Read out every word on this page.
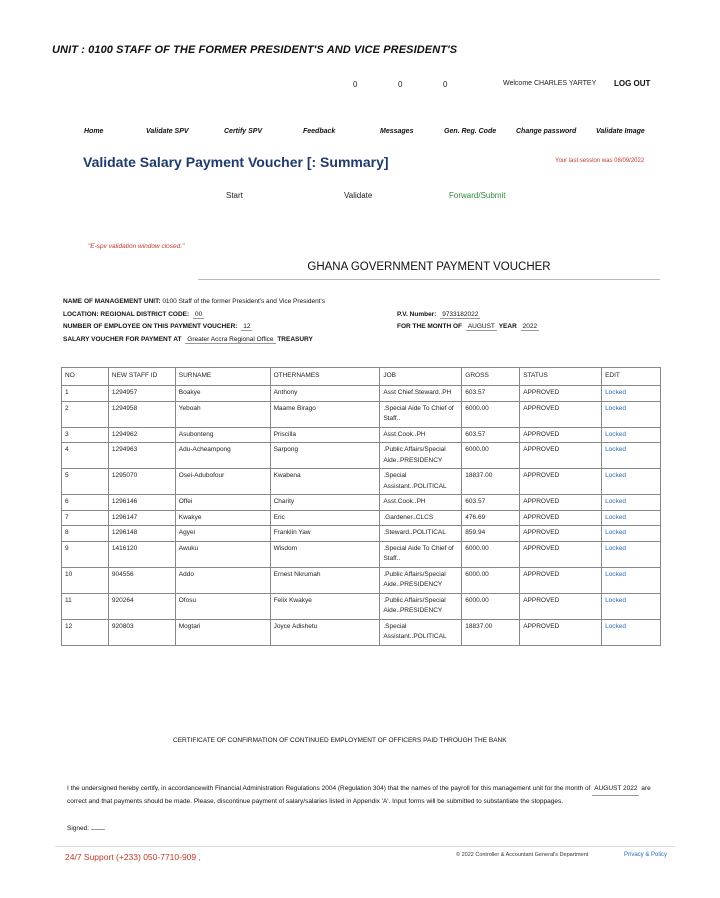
UNIT : 0100 STAFF OF THE FORMER PRESIDENT'S AND VICE PRESIDENT'S
0	0	0	Welcome CHARLES YARTEY LOG OUT
Home	Validate SPV	Certify SPV	Feedback	Messages	Gen. Reg. Code	Change password	Validate Image
Validate Salary Payment Voucher [: Summary]	Your last session was 08/09/2022
Start	Validate	Forward/Submit
"E-spv validation window closed."
GHANA GOVERNMENT PAYMENT VOUCHER
NAME OF MANAGEMENT UNIT: 0100 Staff of the former President's and Vice President's
LOCATION: REGIONAL DISTRICT CODE: 00
NUMBER OF EMPLOYEE ON THIS PAYMENT VOUCHER: 12
SALARY VOUCHER FOR PAYMENT AT Greater Accra Regional Office TREASURY
P.V. Number: 9733182022
FOR THE MONTH OF AUGUST YEAR 2022
NO	NEW STAFF ID	SURNAME	OTHERNAMES	JOB	GROSS	STATUS	EDIT
1	1294957	Boakye	Anthony	Asst Chief.Steward..PH	603.57	APPROVED	Locked
2	1294958	Yeboah	Maame Birago	.Special Aide To Chief of Staff..	6000.00	APPROVED	Locked
3	1294962	Asubonteng	Priscilla	Asst.Cook..PH	603.57	APPROVED	Locked
4	1294963	Adu-Acheampong	Sarpong	.Public Affairs/Special Aide..PRESIDENCY	6000.00	APPROVED	Locked
5	1295070	Osei-Adubofour	Kwabena	.Special Assistant..POLITICAL	18837.00	APPROVED	Locked
6	1296146	Offei	Charity	Asst.Cook..PH	603.57	APPROVED	Locked
7	1296147	Kwakye	Eric	.Gardener..CLCS	476.69	APPROVED	Locked
8	1296148	Agyei	Franklin Yaw	.Steward..POLITICAL	859.94	APPROVED	Locked
9	1416120	Awuku	Wisdom	.Special Aide To Chief of Staff..	6000.00	APPROVED	Locked
10	904556	Addo	Ernest Nkrumah	.Public Affairs/Special Aide..PRESIDENCY	6000.00	APPROVED	Locked
11	920264	Ofosu	Felix Kwakye	.Public Affairs/Special Aide..PRESIDENCY	6000.00	APPROVED	Locked
12	920803	Mogtari	Joyce Adishetu	.Special Assistant..POLITICAL	18837.00	APPROVED	Locked
CERTIFICATE OF CONFIRMATION OF CONTINUED EMPLOYMENT OF OFFICERS PAID THROUGH THE BANK
I the undersigned hereby certify, in accordancewith Financial Administration Regulations 2004 (Regulation 304) that the names of the payroll for this management unit for the month of AUGUST 2022 are correct and that payments should be made. Please, discontinue payment of salary/salaries listed in Appendix 'A'. Input forms will be submitted to substantiate the stoppages.
Signed:
24/7 Support (+233) 050-7710-909 ,	© 2022 Controller & Accountant General's Department	Privacy & Policy
